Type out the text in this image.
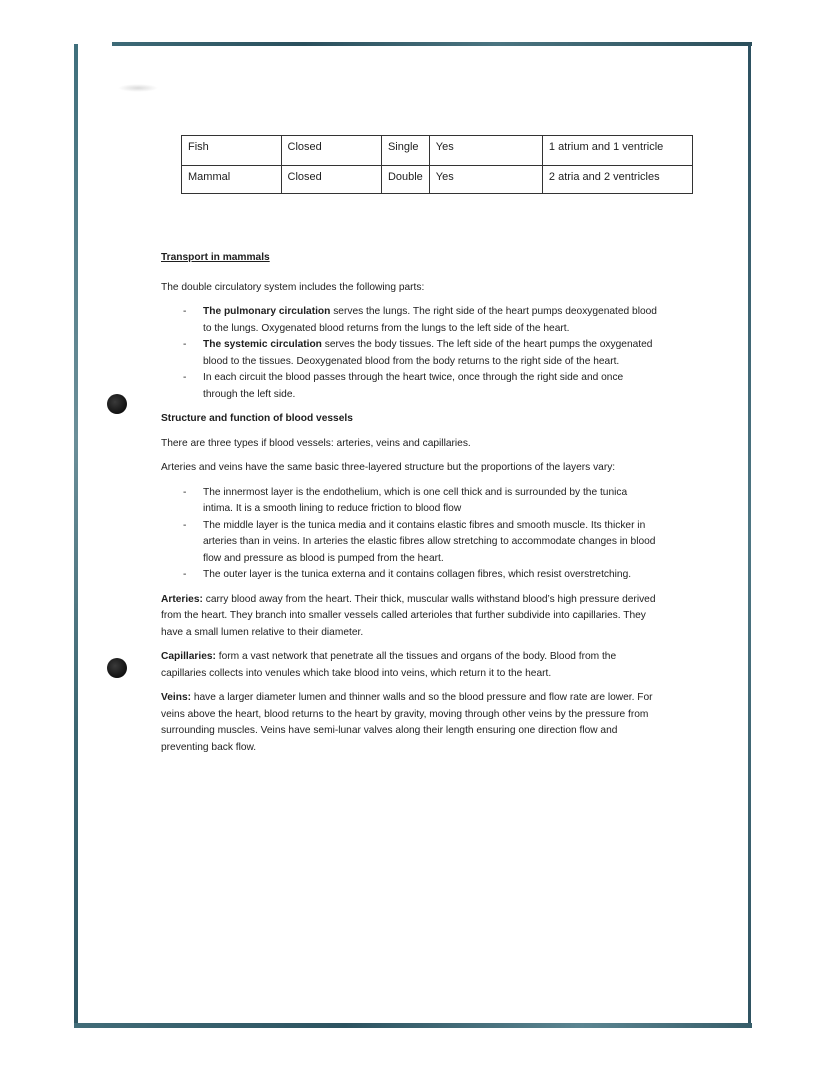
Fish	Closed	Single	Yes	1 atrium and 1 ventricle
Mammal	Closed	Double	Yes	2 atria and 2 ventricles
Transport in mammals

The double circulatory system includes the following parts:

- The pulmonary circulation serves the lungs. The right side of the heart pumps deoxygenated blood to the lungs. Oxygenated blood returns from the lungs to the left side of the heart.
- The systemic circulation serves the body tissues. The left side of the heart pumps the oxygenated blood to the tissues. Deoxygenated blood from the body returns to the right side of the heart.
- In each circuit the blood passes through the heart twice, once through the right side and once through the left side.
Structure and function of blood vessels

There are three types if blood vessels: arteries, veins and capillaries.

Arteries and veins have the same basic three-layered structure but the proportions of the layers vary:

- The innermost layer is the endothelium, which is one cell thick and is surrounded by the tunica intima. It is a smooth lining to reduce friction to blood flow
- The middle layer is the tunica media and it contains elastic fibres and smooth muscle. Its thicker in arteries than in veins. In arteries the elastic fibres allow stretching to accommodate changes in blood flow and pressure as blood is pumped from the heart.
- The outer layer is the tunica externa and it contains collagen fibres, which resist overstretching.

Arteries: carry blood away from the heart. Their thick, muscular walls withstand blood’s high pressure derived from the heart. They branch into smaller vessels called arterioles that further subdivide into capillaries. They have a small lumen relative to their diameter.

Capillaries: form a vast network that penetrate all the tissues and organs of the body. Blood from the capillaries collects into venules which take blood into veins, which return it to the heart.

Veins: have a larger diameter lumen and thinner walls and so the blood pressure and flow rate are lower. For veins above the heart, blood returns to the heart by gravity, moving through other veins by the pressure from surrounding muscles. Veins have semi-lunar valves along their length ensuring one direction flow and preventing back flow.
